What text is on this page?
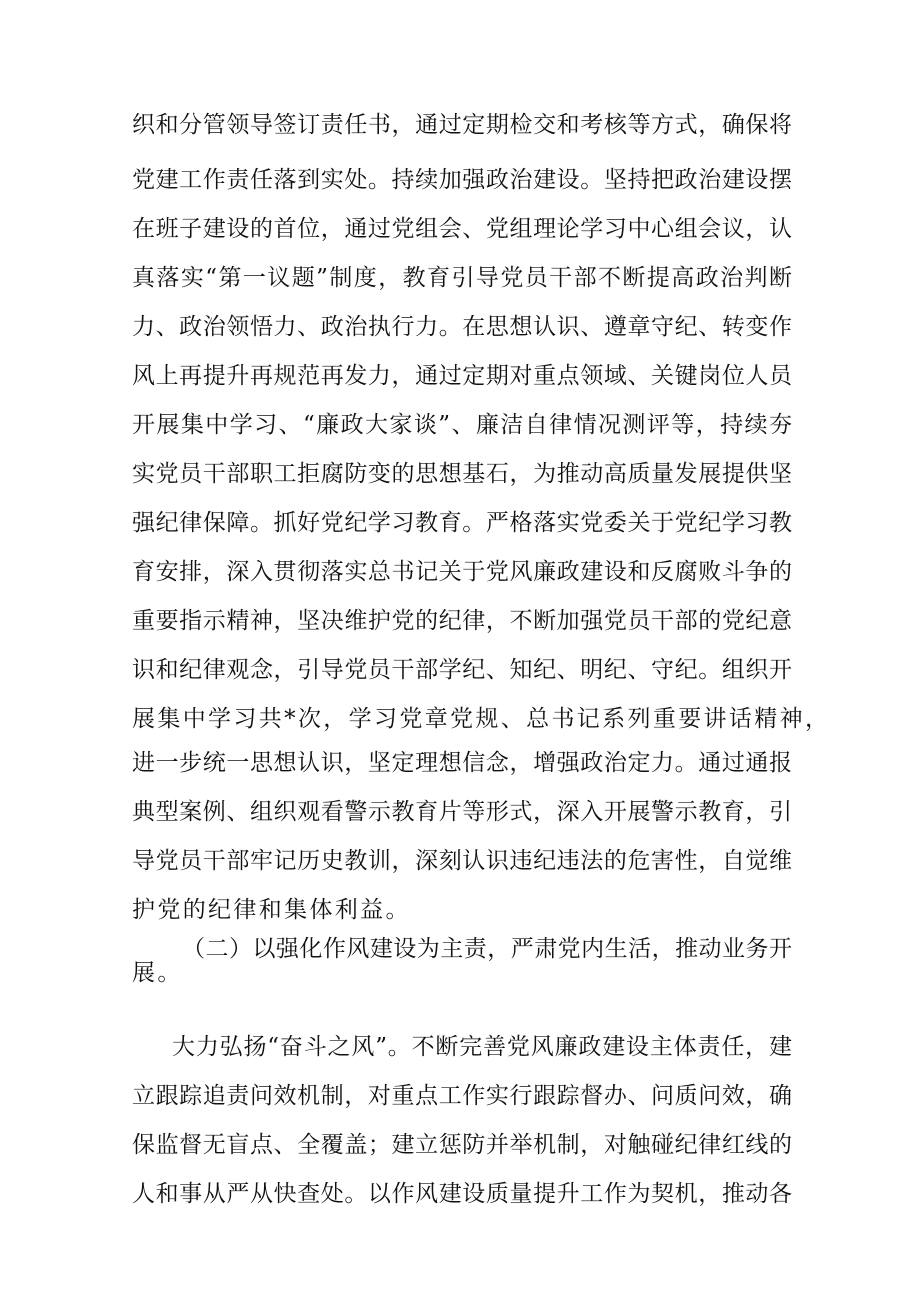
织和分管领导签订责任书，通过定期检交和考核等方式，确保将
党建工作责任落到实处。持续加强政治建设。坚持把政治建设摆
在班子建设的首位，通过党组会、党组理论学习中心组会议，认
真落实“第一议题”制度，教育引导党员干部不断提高政治判断
力、政治领悟力、政治执行力。在思想认识、遵章守纪、转变作
风上再提升再规范再发力，通过定期对重点领域、关键岗位人员
开展集中学习、“廉政大家谈”、廉洁自律情况测评等，持续夯
实党员干部职工拒腐防变的思想基石，为推动高质量发展提供坚
强纪律保障。抓好党纪学习教育。严格落实党委关于党纪学习教
育安排，深入贯彻落实总书记关于党风廉政建设和反腐败斗争的
重要指示精神，坚决维护党的纪律，不断加强党员干部的党纪意
识和纪律观念，引导党员干部学纪、知纪、明纪、守纪。组织开
展集中学习共*次，学习党章党规、总书记系列重要讲话精神，
进一步统一思想认识，坚定理想信念，增强政治定力。通过通报
典型案例、组织观看警示教育片等形式，深入开展警示教育，引
导党员干部牢记历史教训，深刻认识违纪违法的危害性，自觉维
护党的纪律和集体利益。
（二）以强化作风建设为主责，严肃党内生活，推动业务开
展。
大力弘扬“奋斗之风”。不断完善党风廉政建设主体责任，建
立跟踪追责问效机制，对重点工作实行跟踪督办、问质问效，确
保监督无盲点、全覆盖；建立惩防并举机制，对触碰纪律红线的
人和事从严从快查处。以作风建设质量提升工作为契机，推动各
